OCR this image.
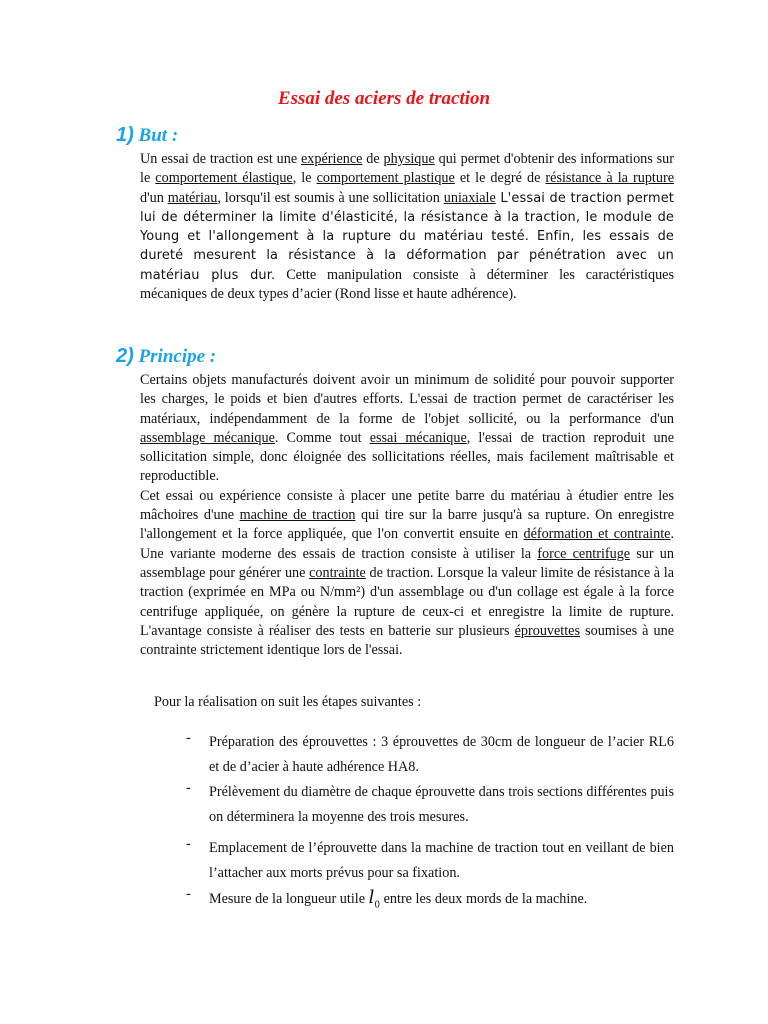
Essai des aciers de traction
1) But :

Un essai de traction est une expérience de physique qui permet d'obtenir des informations sur le comportement élastique, le comportement plastique et le degré de résistance à la rupture d'un matériau, lorsqu'il est soumis à une sollicitation uniaxiale L'essai de traction permet lui de déterminer la limite d'élasticité, la résistance à la traction, le module de Young et l'allongement à la rupture du matériau testé. Enfin, les essais de dureté mesurent la résistance à la déformation par pénétration avec un matériau plus dur. Cette manipulation consiste à déterminer les caractéristiques mécaniques de deux types d’acier (Rond lisse et haute adhérence).

2) Principe :

Certains objets manufacturés doivent avoir un minimum de solidité pour pouvoir supporter les charges, le poids et bien d'autres efforts. L'essai de traction permet de caractériser les matériaux, indépendamment de la forme de l'objet sollicité, ou la performance d'un assemblage mécanique. Comme tout essai mécanique, l'essai de traction reproduit une sollicitation simple, donc éloignée des sollicitations réelles, mais facilement maîtrisable et reproductible.

Cet essai ou expérience consiste à placer une petite barre du matériau à étudier entre les mâchoires d'une machine de traction qui tire sur la barre jusqu'à sa rupture. On enregistre l'allongement et la force appliquée, que l'on convertit ensuite en déformation et contrainte. Une variante moderne des essais de traction consiste à utiliser la force centrifuge sur un assemblage pour générer une contrainte de traction. Lorsque la valeur limite de résistance à la traction (exprimée en MPa ou N/mm²) d'un assemblage ou d'un collage est égale à la force centrifuge appliquée, on génère la rupture de ceux-ci et enregistre la limite de rupture. L'avantage consiste à réaliser des tests en batterie sur plusieurs éprouvettes soumises à une contrainte strictement identique lors de l'essai.

Pour la réalisation on suit les étapes suivantes :
- Préparation des éprouvettes : 3 éprouvettes de 30cm de longueur de l’acier RL6 et de d’acier à haute adhérence HA8.
- Prélèvement du diamètre de chaque éprouvette dans trois sections différentes puis on déterminera la moyenne des trois mesures.
- Emplacement de l’éprouvette dans la machine de traction tout en veillant de bien l’attacher aux morts prévus pour sa fixation.
- Mesure de la longueur utile $l_0$ entre les deux mords de la machine.
